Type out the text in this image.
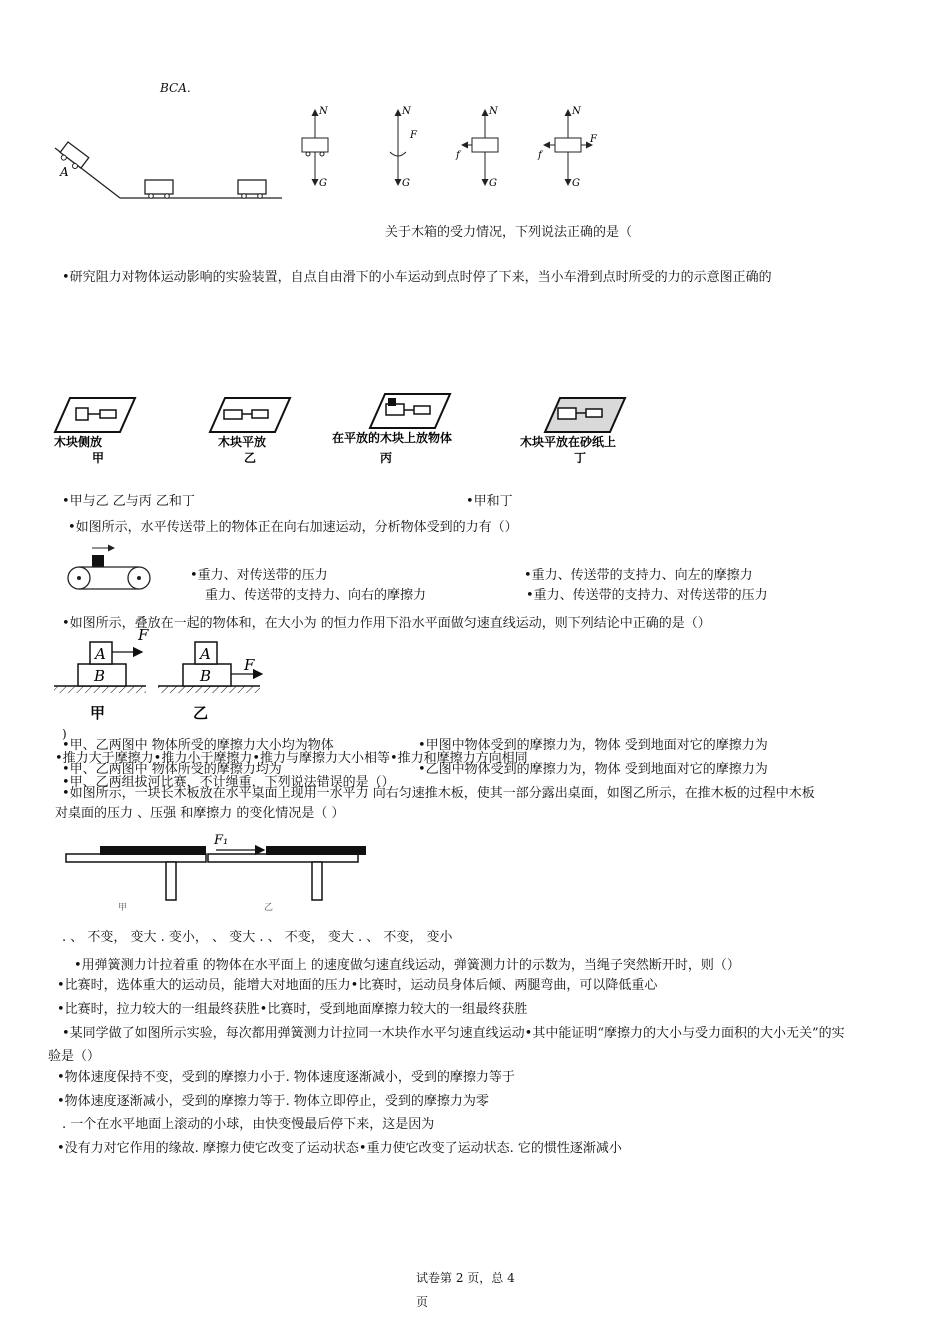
BCA.
A
N
G
N
F
G
N
f
G
N
f
F
G
关于木箱的受力情况，下列说法正确的是（
•研究阻力对物体运动影响的实验装置，自点自由滑下的小车运动到点时停了下来，当小车滑到点时所受的力的示意图正确的
木块侧放
甲
木块平放
乙
在平放的木块上放物体
丙
木块平放在砂纸上
丁
•甲与乙 乙与丙 乙和丁	•甲和丁
•如图所示，水平传送带上的物体正在向右加速运动，分析物体受到的力有（）
•重力、对传送带的压力	•重力、传送带的支持力、向左的摩擦力
重力、传送带的支持力、向右的摩擦力	•重力、传送带的支持力、对传送带的压力
•如图所示，叠放在一起的物体和，在大小为 的恒力作用下沿水平面做匀速直线运动，则下列结论中正确的是（）
A
B
F
甲
A
B
F
乙
)
•甲、乙两图中 物体所受的摩擦力大小均为物体	•甲图中物体受到的摩擦力为，物体 受到地面对它的摩擦力为
•推力大于摩擦力•推力小于摩擦力•推力与摩擦力大小相等•推力和摩擦力方向相同
•甲、乙两图中 物体所受的摩擦力均为	•乙图中物体受到的摩擦力为，物体 受到地面对它的摩擦力为
•甲、乙两组拔河比赛，不计绳重，下列说法错误的是（）
•如图所示，一块长木板放在水平桌面上现用一水平力 向右匀速推木板，使其一部分露出桌面，如图乙所示，在推木板的过程中木板
对桌面的压力 、压强 和摩擦力 的变化情况是（ ）
甲
F₁
乙
. 、 不变， 变大 . 变小， 、 变大 . 、 不变， 变大 . 、 不变， 变小
•用弹簧测力计拉着重 的物体在水平面上 的速度做匀速直线运动，弹簧测力计的示数为，当绳子突然断开时，则（）
•比赛时，选体重大的运动员，能增大对地面的压力•比赛时，运动员身体后倾、两腿弯曲，可以降低重心
•比赛时，拉力较大的一组最终获胜•比赛时，受到地面摩擦力较大的一组最终获胜
•某同学做了如图所示实验，每次都用弹簧测力计拉同一木块作水平匀速直线运动•其中能证明“摩擦力的大小与受力面积的大小无关”的实
验是（）
•物体速度保持不变，受到的摩擦力小于. 物体速度逐渐减小，受到的摩擦力等于
•物体速度逐渐减小，受到的摩擦力等于. 物体立即停止，受到的摩擦力为零
. 一个在水平地面上滚动的小球，由快变慢最后停下来，这是因为
•没有力对它作用的缘故. 摩擦力使它改变了运动状态•重力使它改变了运动状态. 它的惯性逐渐减小
试卷第 2 页，总 4
页
